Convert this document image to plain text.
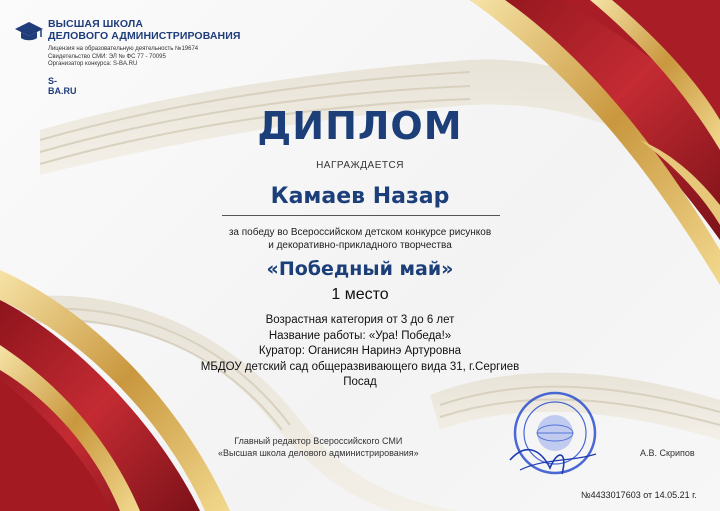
ВЫСШАЯ ШКОЛА
ДЕЛОВОГО АДМИНИСТРИРОВАНИЯ
Лицензия на образовательную деятельность №19674
Свидетельство СМИ: ЭЛ № ФС 77 - 70095
Организатор конкурса: S-BA.RU
S-BA.RU
ДИПЛОМ
НАГРАЖДАЕТСЯ
Камаев Назар
за победу во Всероссийском детском конкурсе рисунков
и декоративно-прикладного творчества
«Победный май»
1 место
Возрастная категория от 3 до 6 лет
Название работы: «Ура! Победа!»
Куратор: Оганисян Наринэ Артуровна
МБДОУ детский сад общеразвивающего вида 31, г.Сергиев
Посад
Главный редактор Всероссийского СМИ
«Высшая школа делового администрирования»	А.В. Скрипов
№4433017603 от 14.05.21 г.
